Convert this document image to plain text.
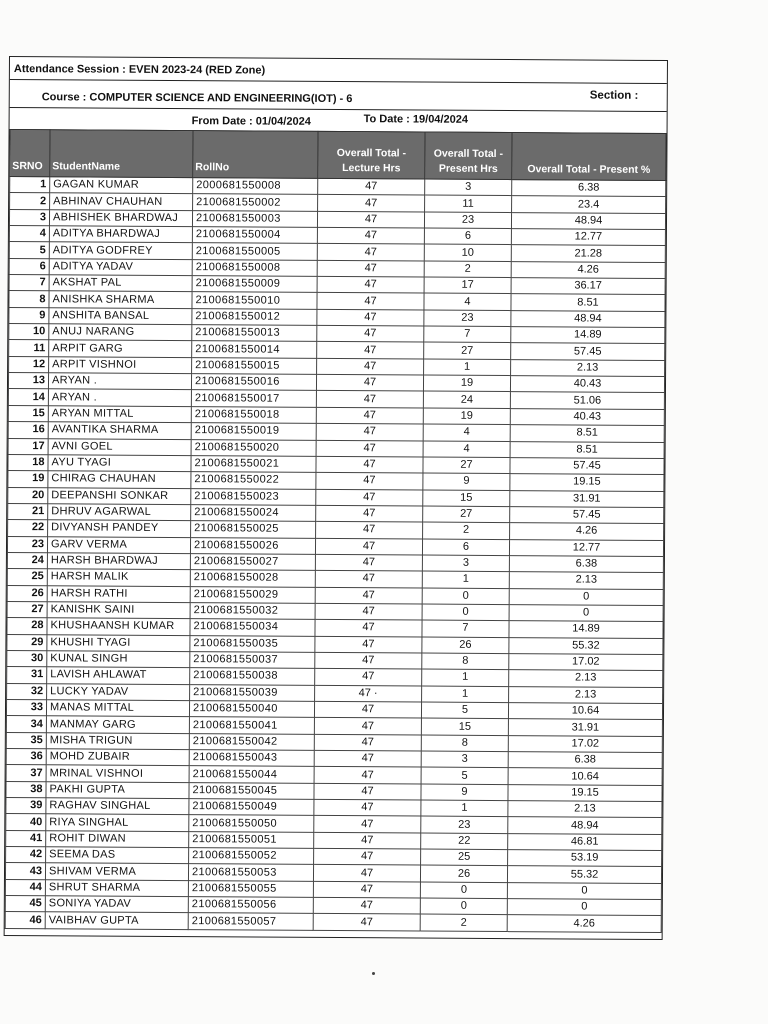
Attendance Session : EVEN 2023-24 (RED Zone)
Course : COMPUTER SCIENCE AND ENGINEERING(IOT) - 6	Section :
From Date : 01/04/2024	To Date : 19/04/2024
SRNO	StudentName	RollNo	Overall Total - Lecture Hrs	Overall Total - Present Hrs	Overall Total - Present %
1	GAGAN KUMAR	2000681550008	47	3	6.38
2	ABHINAV CHAUHAN	2100681550002	47	11	23.4
3	ABHISHEK BHARDWAJ	2100681550003	47	23	48.94
4	ADITYA BHARDWAJ	2100681550004	47	6	12.77
5	ADITYA GODFREY	2100681550005	47	10	21.28
6	ADITYA YADAV	2100681550008	47	2	4.26
7	AKSHAT PAL	2100681550009	47	17	36.17
8	ANISHKA SHARMA	2100681550010	47	4	8.51
9	ANSHITA BANSAL	2100681550012	47	23	48.94
10	ANUJ NARANG	2100681550013	47	7	14.89
11	ARPIT GARG	2100681550014	47	27	57.45
12	ARPIT VISHNOI	2100681550015	47	1	2.13
13	ARYAN .	2100681550016	47	19	40.43
14	ARYAN .	2100681550017	47	24	51.06
15	ARYAN MITTAL	2100681550018	47	19	40.43
16	AVANTIKA SHARMA	2100681550019	47	4	8.51
17	AVNI GOEL	2100681550020	47	4	8.51
18	AYU TYAGI	2100681550021	47	27	57.45
19	CHIRAG CHAUHAN	2100681550022	47	9	19.15
20	DEEPANSHI SONKAR	2100681550023	47	15	31.91
21	DHRUV AGARWAL	2100681550024	47	27	57.45
22	DIVYANSH PANDEY	2100681550025	47	2	4.26
23	GARV VERMA	2100681550026	47	6	12.77
24	HARSH BHARDWAJ	2100681550027	47	3	6.38
25	HARSH MALIK	2100681550028	47	1	2.13
26	HARSH RATHI	2100681550029	47	0	0
27	KANISHK SAINI	2100681550032	47	0	0
28	KHUSHAANSH KUMAR	2100681550034	47	7	14.89
29	KHUSHI TYAGI	2100681550035	47	26	55.32
30	KUNAL SINGH	2100681550037	47	8	17.02
31	LAVISH AHLAWAT	2100681550038	47	1	2.13
32	LUCKY YADAV	2100681550039	47 ·	1	2.13
33	MANAS MITTAL	2100681550040	47	5	10.64
34	MANMAY GARG	2100681550041	47	15	31.91
35	MISHA TRIGUN	2100681550042	47	8	17.02
36	MOHD ZUBAIR	2100681550043	47	3	6.38
37	MRINAL VISHNOI	2100681550044	47	5	10.64
38	PAKHI GUPTA	2100681550045	47	9	19.15
39	RAGHAV SINGHAL	2100681550049	47	1	2.13
40	RIYA SINGHAL	2100681550050	47	23	48.94
41	ROHIT DIWAN	2100681550051	47	22	46.81
42	SEEMA DAS	2100681550052	47	25	53.19
43	SHIVAM VERMA	2100681550053	47	26	55.32
44	SHRUT SHARMA	2100681550055	47	0	0
45	SONIYA YADAV	2100681550056	47	0	0
46	VAIBHAV GUPTA	2100681550057	47	2	4.26
